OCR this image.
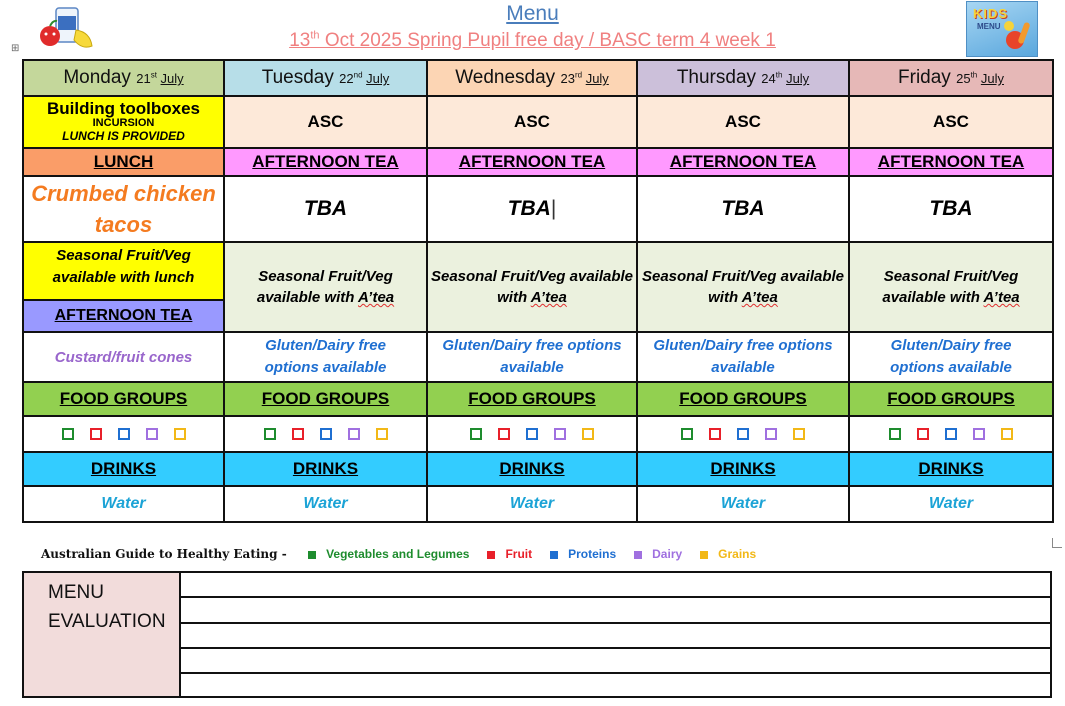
Menu
13th Oct 2025 Spring Pupil free day / BASC term 4 week 1
KIDS
MENU
⊞
Monday 21st July	Tuesday 22nd July	Wednesday 23rd July	Thursday 24th July	Friday 25th July

Building toolboxes
INCURSION
LUNCH IS PROVIDED	ASC	ASC	ASC	ASC
LUNCH	AFTERNOON TEA	AFTERNOON TEA	AFTERNOON TEA	AFTERNOON TEA
Crumbed chicken tacos	TBA	TBA|	TBA	TBA

Seasonal Fruit/Veg available with lunch
AFTERNOON TEA	Seasonal Fruit/Veg available with A’tea	Seasonal Fruit/Veg available with A’tea	Seasonal Fruit/Veg available with A’tea	Seasonal Fruit/Veg available with A’tea
Custard/fruit cones	Gluten/Dairy free options available	Gluten/Dairy free options available	Gluten/Dairy free options available	Gluten/Dairy free options available
FOOD GROUPS	FOOD GROUPS	FOOD GROUPS	FOOD GROUPS	FOOD GROUPS

DRINKS	DRINKS	DRINKS	DRINKS	DRINKS
Water	Water	Water	Water	Water
Australian Guide to Healthy Eating -	Vegetables and Legumes	Fruit	Proteins	Dairy	Grains
MENU
EVALUATION
